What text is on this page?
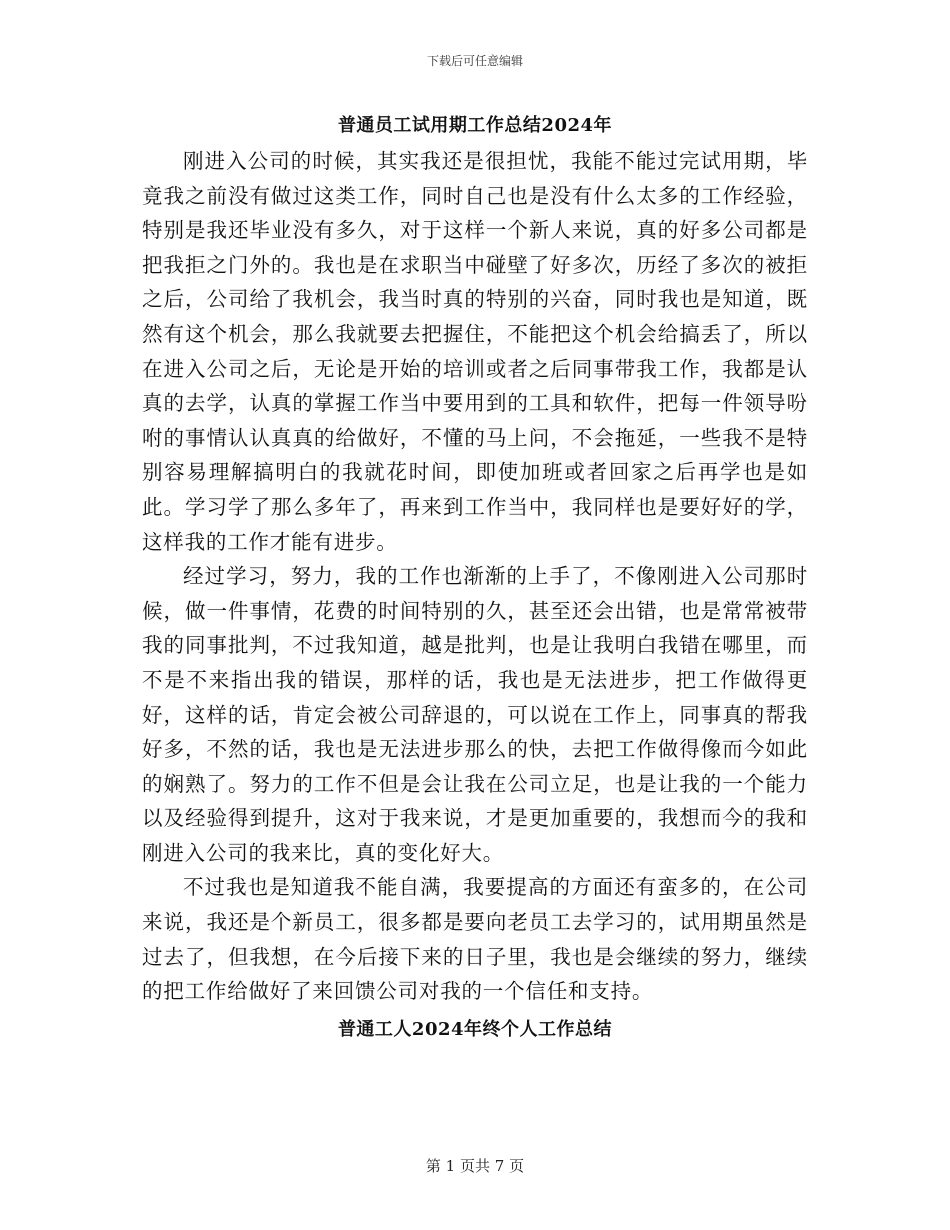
下载后可任意编辑
普通员工试用期工作总结2024年

刚进入公司的时候，其实我还是很担忧，我能不能过完试用期，毕竟我之前没有做过这类工作，同时自己也是没有什么太多的工作经验，特别是我还毕业没有多久，对于这样一个新人来说，真的好多公司都是把我拒之门外的。我也是在求职当中碰壁了好多次，历经了多次的被拒之后，公司给了我机会，我当时真的特别的兴奋，同时我也是知道，既然有这个机会，那么我就要去把握住，不能把这个机会给搞丢了，所以在进入公司之后，无论是开始的培训或者之后同事带我工作，我都是认真的去学，认真的掌握工作当中要用到的工具和软件，把每一件领导吩咐的事情认认真真的给做好，不懂的马上问，不会拖延，一些我不是特别容易理解搞明白的我就花时间，即使加班或者回家之后再学也是如此。学习学了那么多年了，再来到工作当中，我同样也是要好好的学，这样我的工作才能有进步。

经过学习，努力，我的工作也渐渐的上手了，不像刚进入公司那时候，做一件事情，花费的时间特别的久，甚至还会出错，也是常常被带我的同事批判，不过我知道，越是批判，也是让我明白我错在哪里，而不是不来指出我的错误，那样的话，我也是无法进步，把工作做得更好，这样的话，肯定会被公司辞退的，可以说在工作上，同事真的帮我好多，不然的话，我也是无法进步那么的快，去把工作做得像而今如此的娴熟了。努力的工作不但是会让我在公司立足，也是让我的一个能力以及经验得到提升，这对于我来说，才是更加重要的，我想而今的我和刚进入公司的我来比，真的变化好大。

不过我也是知道我不能自满，我要提高的方面还有蛮多的，在公司来说，我还是个新员工，很多都是要向老员工去学习的，试用期虽然是过去了，但我想，在今后接下来的日子里，我也是会继续的努力，继续的把工作给做好了来回馈公司对我的一个信任和支持。

普通工人2024年终个人工作总结
第 1 页共 7 页
